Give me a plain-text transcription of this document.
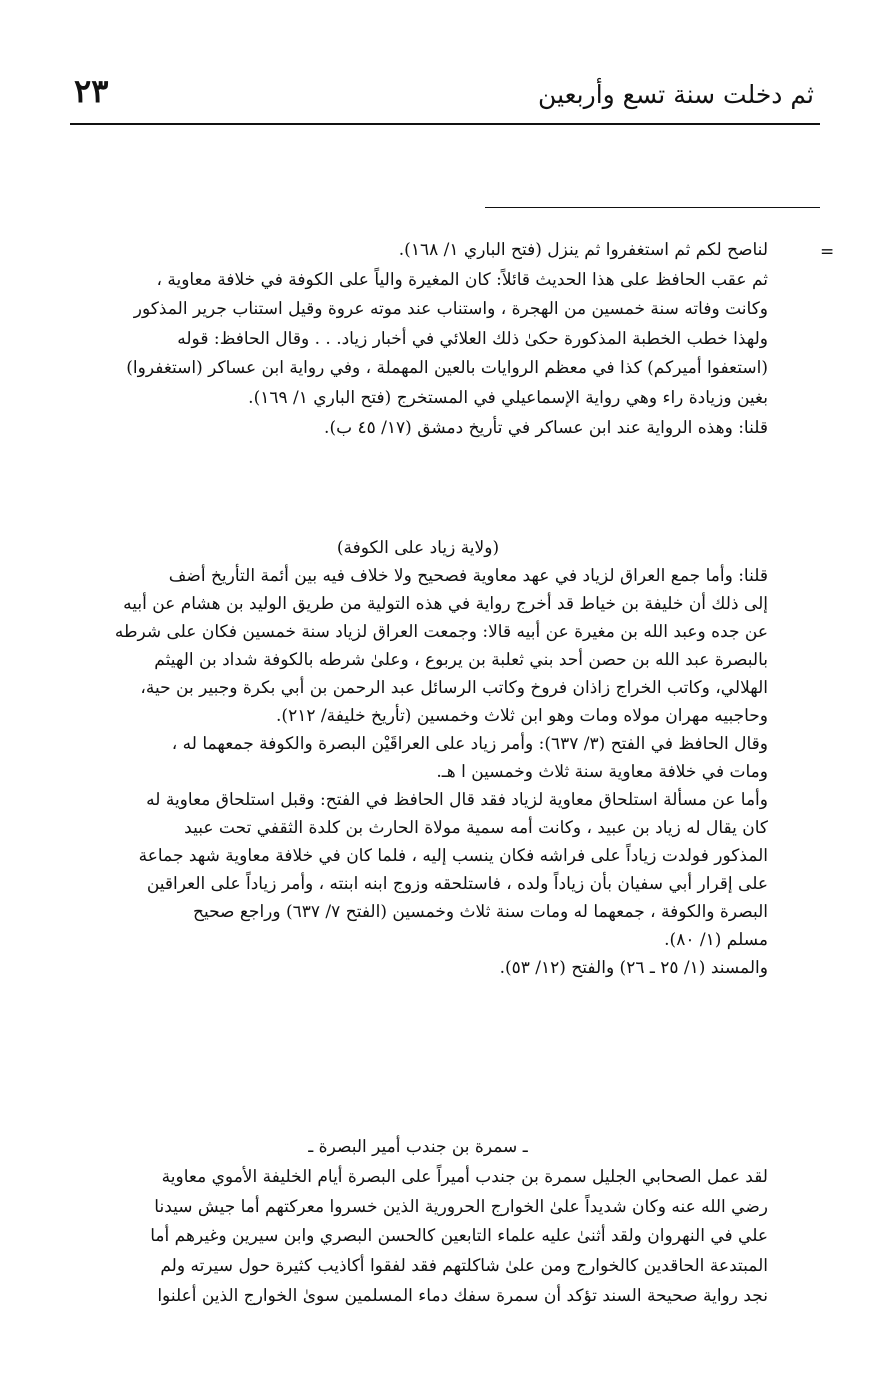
ثم دخلت سنة تسع وأربعين
٢٣
=
لناصح لكم ثم استغفروا ثم ينزل (فتح الباري ١/ ١٦٨).
ثم عقب الحافظ على هذا الحديث قائلاً: كان المغيرة والياً على الكوفة في خلافة معاوية ،
وكانت وفاته سنة خمسين من الهجرة ، واستناب عند موته عروة وقيل استناب جرير المذكور
ولهذا خطب الخطبة المذكورة حكىٰ ذلك العلائي في أخبار زياد. . . وقال الحافظ: قوله
(استعفوا أميركم) كذا في معظم الروايات بالعين المهملة ، وفي رواية ابن عساكر (استغفروا)
بغين وزيادة راء وهي رواية الإسماعيلي في المستخرج (فتح الباري ١/ ١٦٩).
قلنا: وهذه الرواية عند ابن عساكر في تأريخ دمشق (١٧/ ٤٥ ب).
(ولاية زياد على الكوفة)
قلنا: وأما جمع العراق لزياد في عهد معاوية فصحيح ولا خلاف فيه بين أئمة التأريخ أضف
إلى ذلك أن خليفة بن خياط قد أخرج رواية في هذه التولية من طريق الوليد بن هشام عن أبيه
عن جده وعبد الله بن مغيرة عن أبيه قالا: وجمعت العراق لزياد سنة خمسين فكان على شرطه
بالبصرة عبد الله بن حصن أحد بني ثعلبة بن يربوع ، وعلىٰ شرطه بالكوفة شداد بن الهيثم
الهلالي، وكاتب الخراج زاذان فروخ وكاتب الرسائل عبد الرحمن بن أبي بكرة وجبير بن حية،
وحاجبيه مهران مولاه ومات وهو ابن ثلاث وخمسين (تأريخ خليفة/ ٢١٢).
وقال الحافظ في الفتح (٣/ ٦٣٧): وأمر زياد على العراقَيْن البصرة والكوفة جمعهما له ،
ومات في خلافة معاوية سنة ثلاث وخمسين ا هـ.
وأما عن مسألة استلحاق معاوية لزياد فقد قال الحافظ في الفتح: وقبل استلحاق معاوية له
كان يقال له زياد بن عبيد ، وكانت أمه سمية مولاة الحارث بن كلدة الثقفي تحت عبيد
المذكور فولدت زياداً على فراشه فكان ينسب إليه ، فلما كان في خلافة معاوية شهد جماعة
على إقرار أبي سفيان بأن زياداً ولده ، فاستلحقه وزوج ابنه ابنته ، وأمر زياداً على العراقين
البصرة والكوفة ، جمعهما له ومات سنة ثلاث وخمسين (الفتح ٧/ ٦٣٧) وراجع صحيح
مسلم (١/ ٨٠).
والمسند (١/ ٢٥ ـ ٢٦) والفتح (١٢/ ٥٣).
ـ سمرة بن جندب أمير البصرة ـ
لقد عمل الصحابي الجليل سمرة بن جندب أميراً على البصرة أيام الخليفة الأموي معاوية
رضي الله عنه وكان شديداً علىٰ الخوارج الحرورية الذين خسروا معركتهم أما جيش سيدنا
علي في النهروان ولقد أثنىٰ عليه علماء التابعين كالحسن البصري وابن سيرين وغيرهم أما
المبتدعة الحاقدين كالخوارج ومن علىٰ شاكلتهم فقد لفقوا أكاذيب كثيرة حول سيرته ولم
نجد رواية صحيحة السند تؤكد أن سمرة سفك دماء المسلمين سوىٰ الخوارج الذين أعلنوا
